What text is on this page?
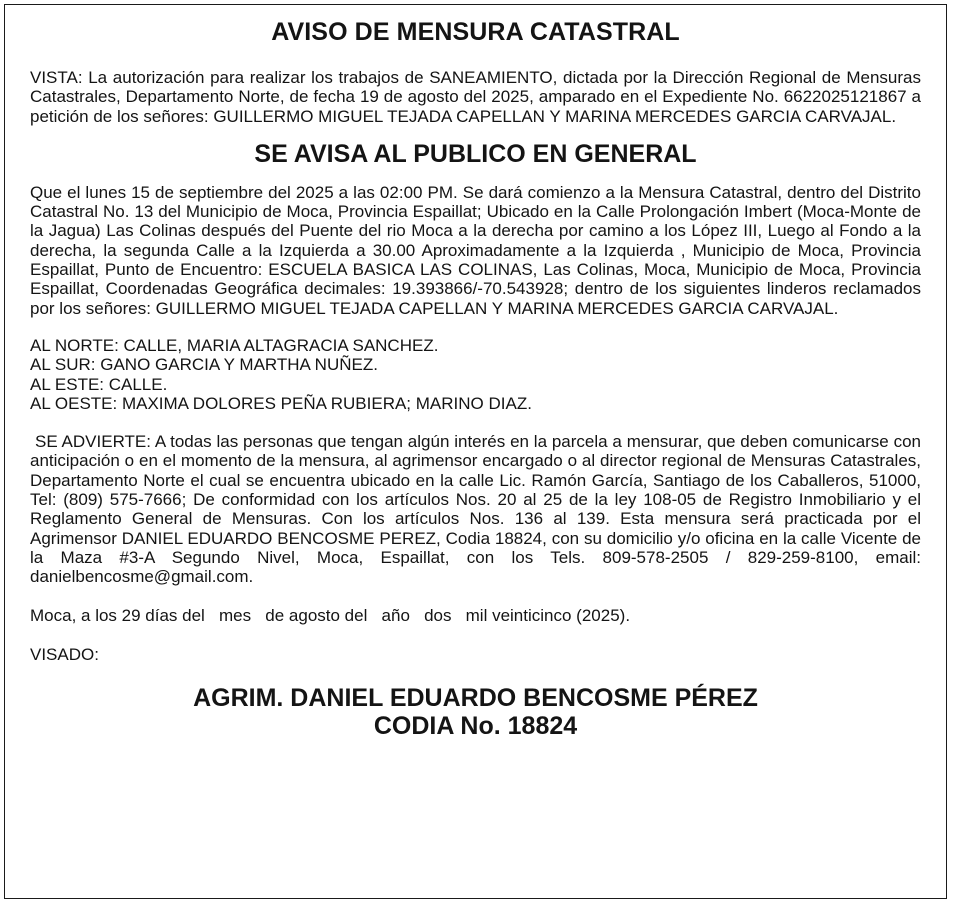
AVISO DE MENSURA CATASTRAL

VISTA: La autorización para realizar los trabajos de SANEAMIENTO, dictada por la Dirección Regional de Mensuras Catastrales, Departamento Norte, de fecha 19 de agosto del 2025, amparado en el Expediente No. 6622025121867 a petición de los señores: GUILLERMO MIGUEL TEJADA CAPELLAN Y MARINA MERCEDES GARCIA CARVAJAL.

SE AVISA AL PUBLICO EN GENERAL

Que el lunes 15 de septiembre del 2025 a las 02:00 PM. Se dará comienzo a la Mensura Catastral, dentro del Distrito Catastral No. 13 del Municipio de Moca, Provincia Espaillat; Ubicado en la Calle Prolongación Imbert (Moca-Monte de la Jagua) Las Colinas después del Puente del rio Moca a la derecha por camino a los López III, Luego al Fondo a la derecha, la segunda Calle a la Izquierda a 30.00 Aproximadamente a la Izquierda , Municipio de Moca, Provincia Espaillat, Punto de Encuentro: ESCUELA BASICA LAS COLINAS, Las Colinas, Moca, Municipio de Moca, Provincia Espaillat, Coordenadas Geográfica decimales: 19.393866/-70.543928; dentro de los siguientes linderos reclamados por los señores: GUILLERMO MIGUEL TEJADA CAPELLAN Y MARINA MERCEDES GARCIA CARVAJAL.

AL NORTE: CALLE, MARIA ALTAGRACIA SANCHEZ.
AL SUR: GANO GARCIA Y MARTHA NUÑEZ.
AL ESTE: CALLE.
AL OESTE: MAXIMA DOLORES PEÑA RUBIERA; MARINO DIAZ.

SE ADVIERTE: A todas las personas que tengan algún interés en la parcela a mensurar, que deben comunicarse con anticipación o en el momento de la mensura, al agrimensor encargado o al director regional de Mensuras Catastrales, Departamento Norte el cual se encuentra ubicado en la calle Lic. Ramón García, Santiago de los Caballeros, 51000, Tel: (809) 575-7666; De conformidad con los artículos Nos. 20 al 25 de la ley 108-05 de Registro Inmobiliario y el Reglamento General de Mensuras. Con los artículos Nos. 136 al 139. Esta mensura será practicada por el Agrimensor DANIEL EDUARDO BENCOSME PEREZ, Codia 18824, con su domicilio y/o oficina en la calle Vicente de la Maza #3-A Segundo Nivel, Moca, Espaillat, con los Tels. 809-578-2505 / 829-259-8100, email: danielbencosme@gmail.com.

Moca, a los 29 días del   mes   de agosto del   año   dos   mil veinticinco (2025).

VISADO:

AGRIM. DANIEL EDUARDO BENCOSME PÉREZ
CODIA No. 18824
